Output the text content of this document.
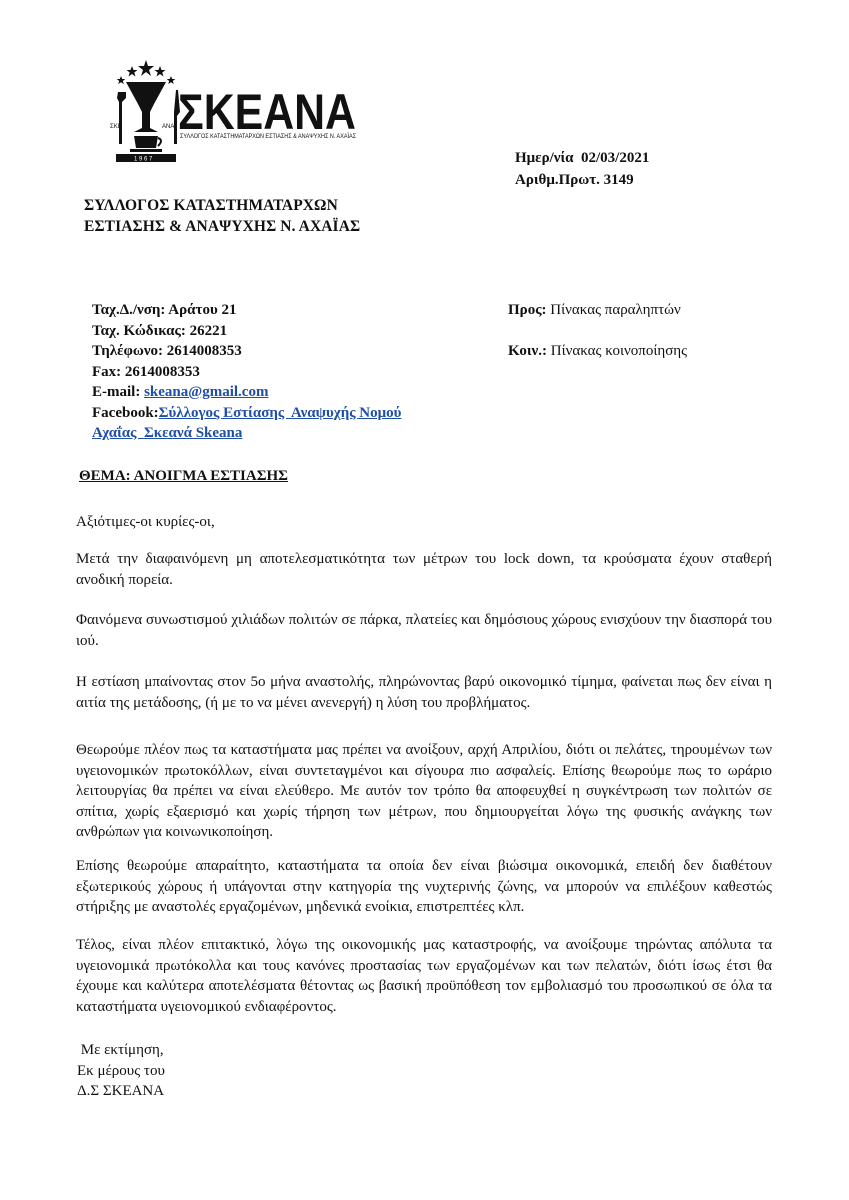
ΣΚΕ	ΑΝΑ
1 9 6 7
ΣΚΕΑΝΑ
ΣΥΛΛΟΓΟΣ ΚΑΤΑΣΤΗΜΑΤΑΡΧΩΝ ΕΣΤΙΑΣΗΣ & ΑΝΑΨΥΧΗΣ Ν. ΑΧΑΪΑΣ
Ημερ/νία  02/03/2021
Αριθμ.Πρωτ. 3149
ΣΥΛΛΟΓΟΣ ΚΑΤΑΣΤΗΜΑΤΑΡΧΩΝ
ΕΣΤΙΑΣΗΣ & ΑΝΑΨΥΧΗΣ Ν. ΑΧΑΪΑΣ
Ταχ.Δ./νση: Αράτου 21
Ταχ. Κώδικας: 26221
Τηλέφωνο: 2614008353
Fax: 2614008353
E-mail: skeana@gmail.com
Facebook:Σύλλογος Εστίασης  Αναψυχής Νομού
Αχαΐας  Σκεανά Skeana
Προς: Πίνακας παραληπτών
Κοιν.: Πίνακας κοινοποίησης
ΘΕΜΑ: ΑΝΟΙΓΜΑ ΕΣΤΙΑΣΗΣ

Αξιότιμες-οι κυρίες-οι,

Μετά την διαφαινόμενη μη αποτελεσματικότητα των μέτρων του lock down, τα κρούσματα έχουν σταθερή ανοδική πορεία.

Φαινόμενα συνωστισμού χιλιάδων πολιτών σε πάρκα, πλατείες και δημόσιους χώρους ενισχύουν την διασπορά του ιού.

Η εστίαση μπαίνοντας στον 5ο μήνα αναστολής, πληρώνοντας βαρύ οικονομικό τίμημα, φαίνεται πως δεν είναι η αιτία της μετάδοσης, (ή με το να μένει ανενεργή) η λύση του προβλήματος.

Θεωρούμε πλέον πως τα καταστήματα μας πρέπει να ανοίξουν, αρχή Απριλίου, διότι οι πελάτες, τηρουμένων των υγειονομικών πρωτοκόλλων, είναι συντεταγμένοι και σίγουρα πιο ασφαλείς. Επίσης θεωρούμε πως το ωράριο λειτουργίας θα πρέπει να είναι ελεύθερο. Με αυτόν τον τρόπο θα αποφευχθεί η συγκέντρωση των πολιτών σε σπίτια, χωρίς εξαερισμό και χωρίς τήρηση των μέτρων, που δημιουργείται λόγω της φυσικής ανάγκης των ανθρώπων για κοινωνικοποίηση.

Επίσης θεωρούμε απαραίτητο, καταστήματα τα οποία δεν είναι βιώσιμα οικονομικά, επειδή δεν διαθέτουν εξωτερικούς χώρους ή υπάγονται στην κατηγορία της νυχτερινής ζώνης, να μπορούν να επιλέξουν καθεστώς στήριξης με αναστολές εργαζομένων, μηδενικά ενοίκια, επιστρεπτέες κλπ.

Τέλος, είναι πλέον επιτακτικό, λόγω της οικονομικής μας καταστροφής, να ανοίξουμε τηρώντας απόλυτα τα υγειονομικά πρωτόκολλα και τους κανόνες προστασίας των εργαζομένων και των πελατών, διότι ίσως έτσι θα έχουμε και καλύτερα αποτελέσματα θέτοντας ως βασική προϋπόθεση τον εμβολιασμό του προσωπικού σε όλα τα καταστήματα υγειονομικού ενδιαφέροντος.

Με εκτίμηση,
Εκ μέρους του
Δ.Σ ΣΚΕΑΝΑ
